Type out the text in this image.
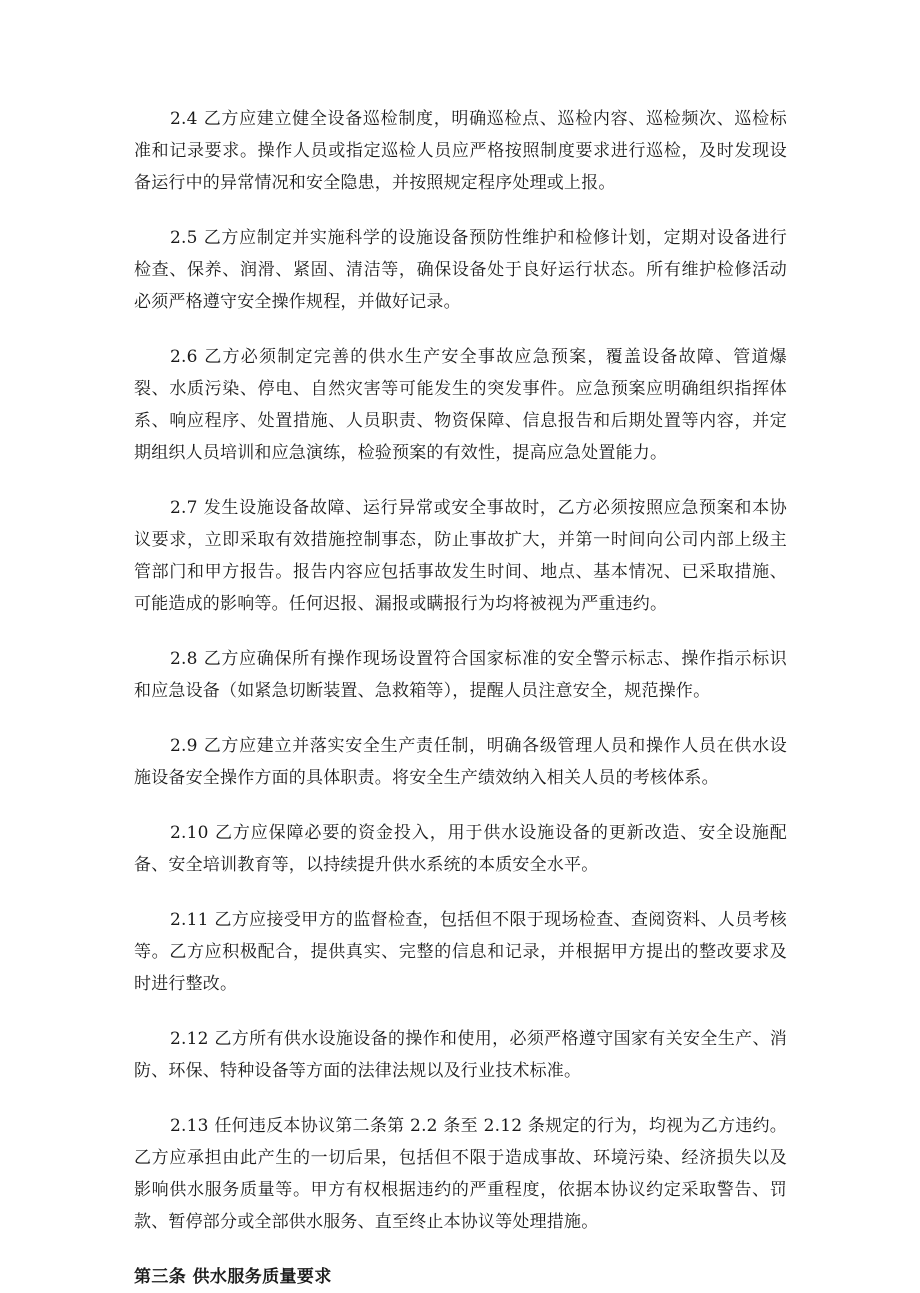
2.4 乙方应建立健全设备巡检制度，明确巡检点、巡检内容、巡检频次、巡检标准和记录要求。操作人员或指定巡检人员应严格按照制度要求进行巡检，及时发现设备运行中的异常情况和安全隐患，并按照规定程序处理或上报。

2.5 乙方应制定并实施科学的设施设备预防性维护和检修计划，定期对设备进行检查、保养、润滑、紧固、清洁等，确保设备处于良好运行状态。所有维护检修活动必须严格遵守安全操作规程，并做好记录。

2.6 乙方必须制定完善的供水生产安全事故应急预案，覆盖设备故障、管道爆裂、水质污染、停电、自然灾害等可能发生的突发事件。应急预案应明确组织指挥体系、响应程序、处置措施、人员职责、物资保障、信息报告和后期处置等内容，并定期组织人员培训和应急演练，检验预案的有效性，提高应急处置能力。

2.7 发生设施设备故障、运行异常或安全事故时，乙方必须按照应急预案和本协议要求，立即采取有效措施控制事态，防止事故扩大，并第一时间向公司内部上级主管部门和甲方报告。报告内容应包括事故发生时间、地点、基本情况、已采取措施、可能造成的影响等。任何迟报、漏报或瞒报行为均将被视为严重违约。

2.8 乙方应确保所有操作现场设置符合国家标准的安全警示标志、操作指示标识和应急设备（如紧急切断装置、急救箱等），提醒人员注意安全，规范操作。

2.9 乙方应建立并落实安全生产责任制，明确各级管理人员和操作人员在供水设施设备安全操作方面的具体职责。将安全生产绩效纳入相关人员的考核体系。

2.10 乙方应保障必要的资金投入，用于供水设施设备的更新改造、安全设施配备、安全培训教育等，以持续提升供水系统的本质安全水平。

2.11 乙方应接受甲方的监督检查，包括但不限于现场检查、查阅资料、人员考核等。乙方应积极配合，提供真实、完整的信息和记录，并根据甲方提出的整改要求及时进行整改。

2.12 乙方所有供水设施设备的操作和使用，必须严格遵守国家有关安全生产、消防、环保、特种设备等方面的法律法规以及行业技术标准。

2.13 任何违反本协议第二条第 2.2 条至 2.12 条规定的行为，均视为乙方违约。乙方应承担由此产生的一切后果，包括但不限于造成事故、环境污染、经济损失以及影响供水服务质量等。甲方有权根据违约的严重程度，依据本协议约定采取警告、罚款、暂停部分或全部供水服务、直至终止本协议等处理措施。

第三条 供水服务质量要求
